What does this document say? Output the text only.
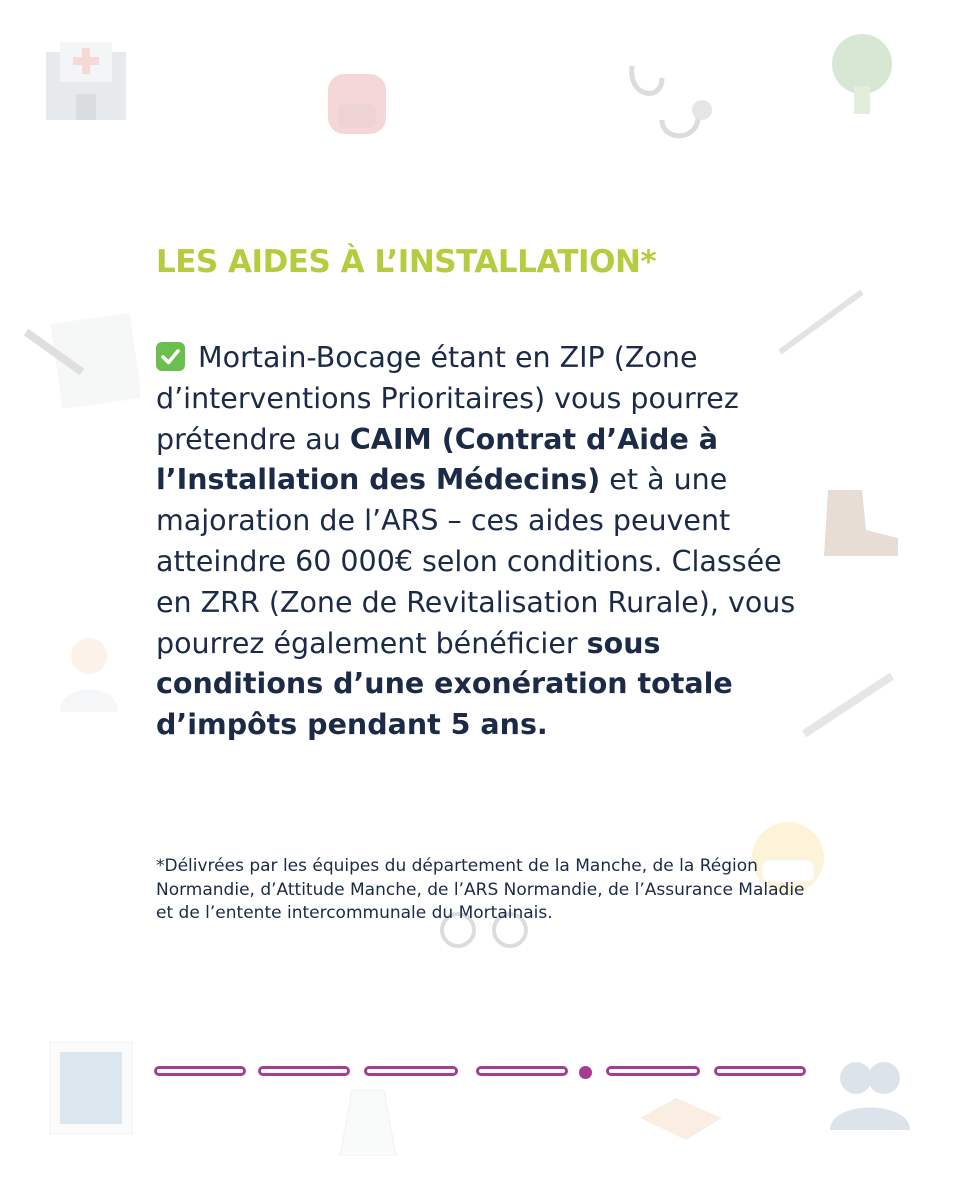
LES AIDES À L’INSTALLATION*
Mortain-Bocage étant en ZIP (Zone d’interventions Prioritaires) vous pourrez prétendre au CAIM (Contrat d’Aide à l’Installation des Médecins) et à une majoration de l’ARS – ces aides peuvent atteindre 60 000€ selon conditions. Classée en ZRR (Zone de Revitalisation Rurale), vous pourrez également bénéficier sous conditions d’une exonération totale d’impôts pendant 5 ans.
*Délivrées par les équipes du département de la Manche, de la Région Normandie, d’Attitude Manche, de l’ARS Normandie, de l’Assurance Maladie et de l’entente intercommunale du Mortainais.
